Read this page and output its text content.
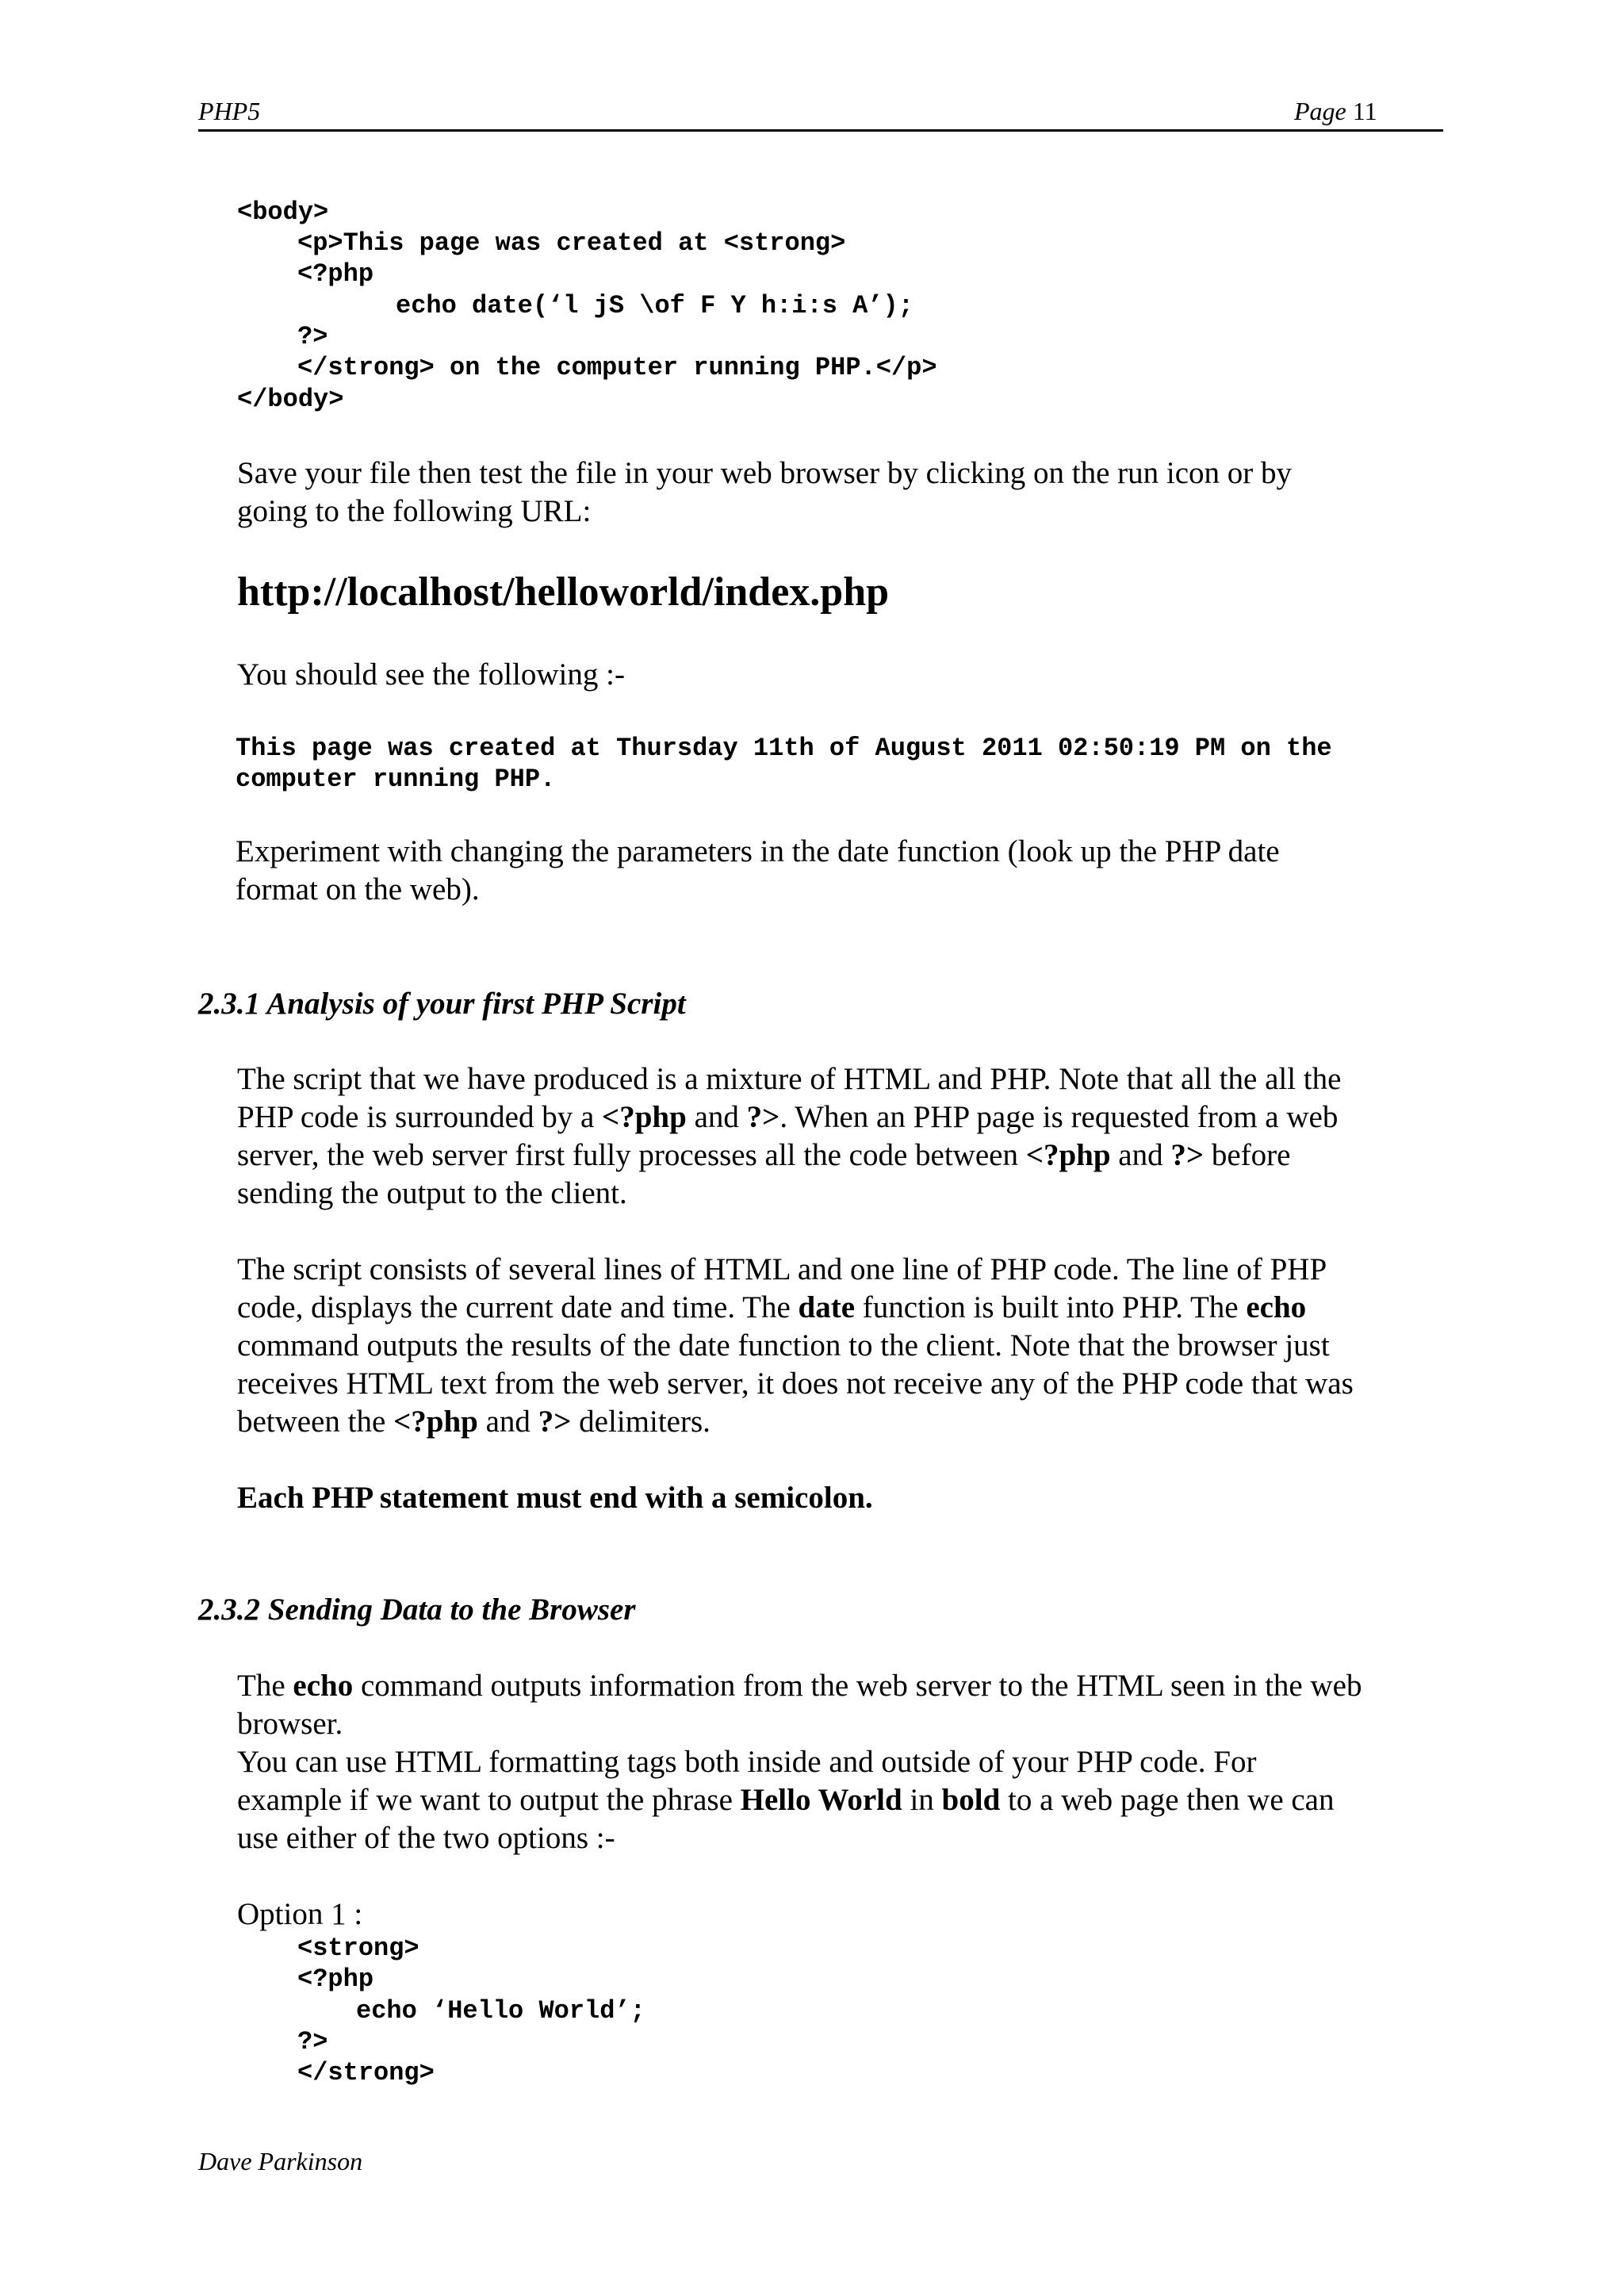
PHP5	Page 11
<body>
<p>This page was created at <strong>
<?php
echo date(‘l jS \of F Y h:i:s A’);
?>
</strong> on the computer running PHP.</p>
</body>
Save your file then test the file in your web browser by clicking on the run icon or by
going to the following URL:
http://localhost/helloworld/index.php
You should see the following :-
This page was created at Thursday 11th of August 2011 02:50:19 PM on the
computer running PHP.
Experiment with changing the parameters in the date function (look up the PHP date
format on the web).
2.3.1 Analysis of your first PHP Script
The script that we have produced is a mixture of HTML and PHP. Note that all the all the
PHP code is surrounded by a <?php and ?>. When an PHP page is requested from a web
server, the web server first fully processes all the code between <?php and ?> before
sending the output to the client.
The script consists of several lines of HTML and one line of PHP code. The line of PHP
code, displays the current date and time. The date function is built into PHP. The echo
command outputs the results of the date function to the client. Note that the browser just
receives HTML text from the web server, it does not receive any of the PHP code that was
between the <?php and ?> delimiters.
Each PHP statement must end with a semicolon.
2.3.2 Sending Data to the Browser
The echo command outputs information from the web server to the HTML seen in the web
browser.
You can use HTML formatting tags both inside and outside of your PHP code. For
example if we want to output the phrase Hello World in bold to a web page then we can
use either of the two options :-
Option 1 :
<strong>
<?php
echo ‘Hello World’;
?>
</strong>
Dave Parkinson
